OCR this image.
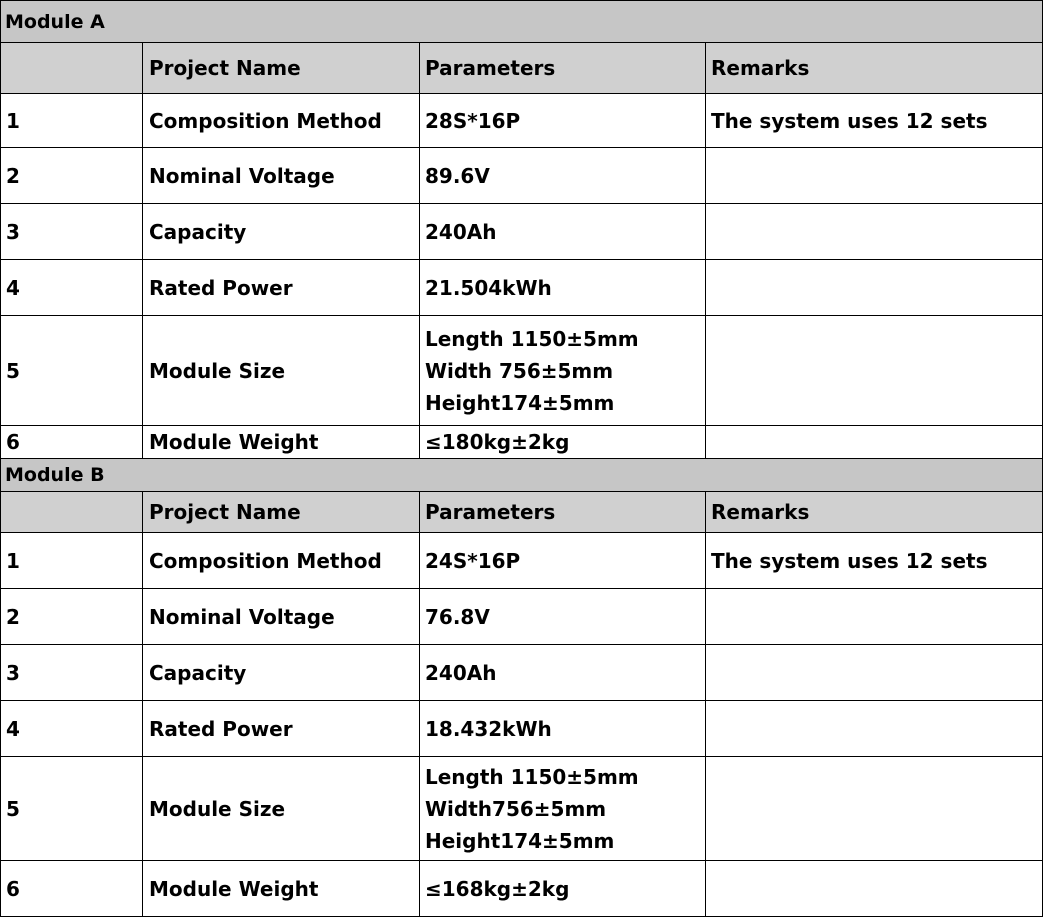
Module A			
	Project Name	Parameters	Remarks
1	Composition Method	28S*16P	The system uses 12 sets
2	Nominal Voltage	89.6V	

3	Capacity	240Ah	

4	Rated Power	21.504kWh	

5	Module Size	Length 1150±5mm
Width 756±5mm
Height174±5mm	

6	Module Weight	≤180kg±2kg	

Module B			
	Project Name	Parameters	Remarks
1	Composition Method	24S*16P	The system uses 12 sets
2	Nominal Voltage	76.8V	

3	Capacity	240Ah	

4	Rated Power	18.432kWh	

5	Module Size	Length 1150±5mm
Width756±5mm
Height174±5mm	

6	Module Weight	≤168kg±2kg	
